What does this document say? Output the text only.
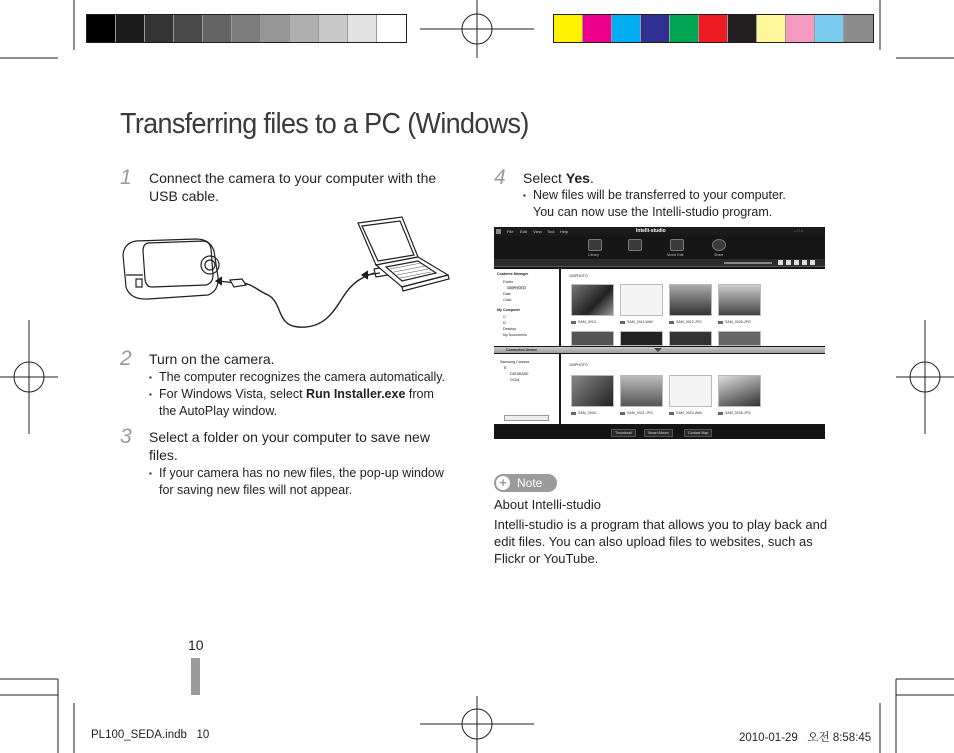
Transferring files to a PC (Windows)
1 Connect the camera to your computer with the
USB cable.
2 Turn on the camera.
▪ The computer recognizes the camera automatically.
▪ For Windows Vista, select Run Installer.exe from
the AutoPlay window.
3 Select a folder on your computer to save new
files.
▪ If your camera has no new files, the pop-up window
for saving new files will not appear.
4 Select Yes.
▪ New files will be transferred to your computer.
You can now use the Intelli-studio program.
File Edit View Tool Help	– □ ×
Intelli-studio
Library	Movie Edit	Share
Contents Manager
Folder
100PHOTO
Date
Color
My Computer
C:
D:
Desktop
My Documents
100PHOTO
SAM_0010...	SAM_0011.WAV	SAM_0012.JPG	SAM_0026.JPG
Connected Device
Samsung Camera
E:
DATABASE
DCIM
100PHOTO
SAM_0004...	SAM_0021.JPG	SAM_0024.WAV	SAM_0026.JPG
Thumbnail	Smart Album	Contact Map
+ Note
About Intelli-studio
Intelli-studio is a program that allows you to play back and edit files. You can also upload files to websites, such as Flickr or YouTube.
10
PL100_SEDA.indb   10	2010-01-29   오전 8:58:45
